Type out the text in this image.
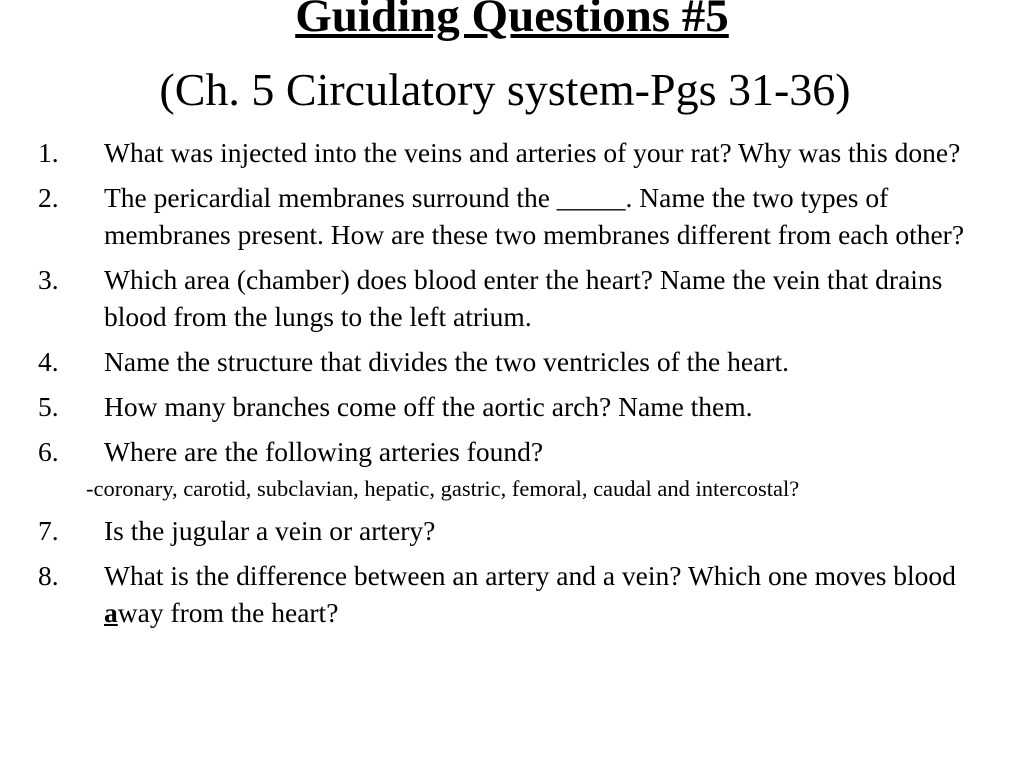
Guiding Questions #5
(Ch. 5 Circulatory system-Pgs 31-36)
1. What was injected into the veins and arteries of your rat? Why was this done?
2. The pericardial membranes surround the _____. Name the two types of membranes present. How are these two membranes different from each other?
3. Which area (chamber) does blood enter the heart? Name the vein that drains blood from the lungs to the left atrium.
4. Name the structure that divides the two ventricles of the heart.
5. How many branches come off the aortic arch? Name them.
6. Where are the following arteries found?
-coronary, carotid, subclavian, hepatic, gastric, femoral, caudal and intercostal?
7. Is the jugular a vein or artery?
8. What is the difference between an artery and a vein? Which one moves blood away from the heart?
